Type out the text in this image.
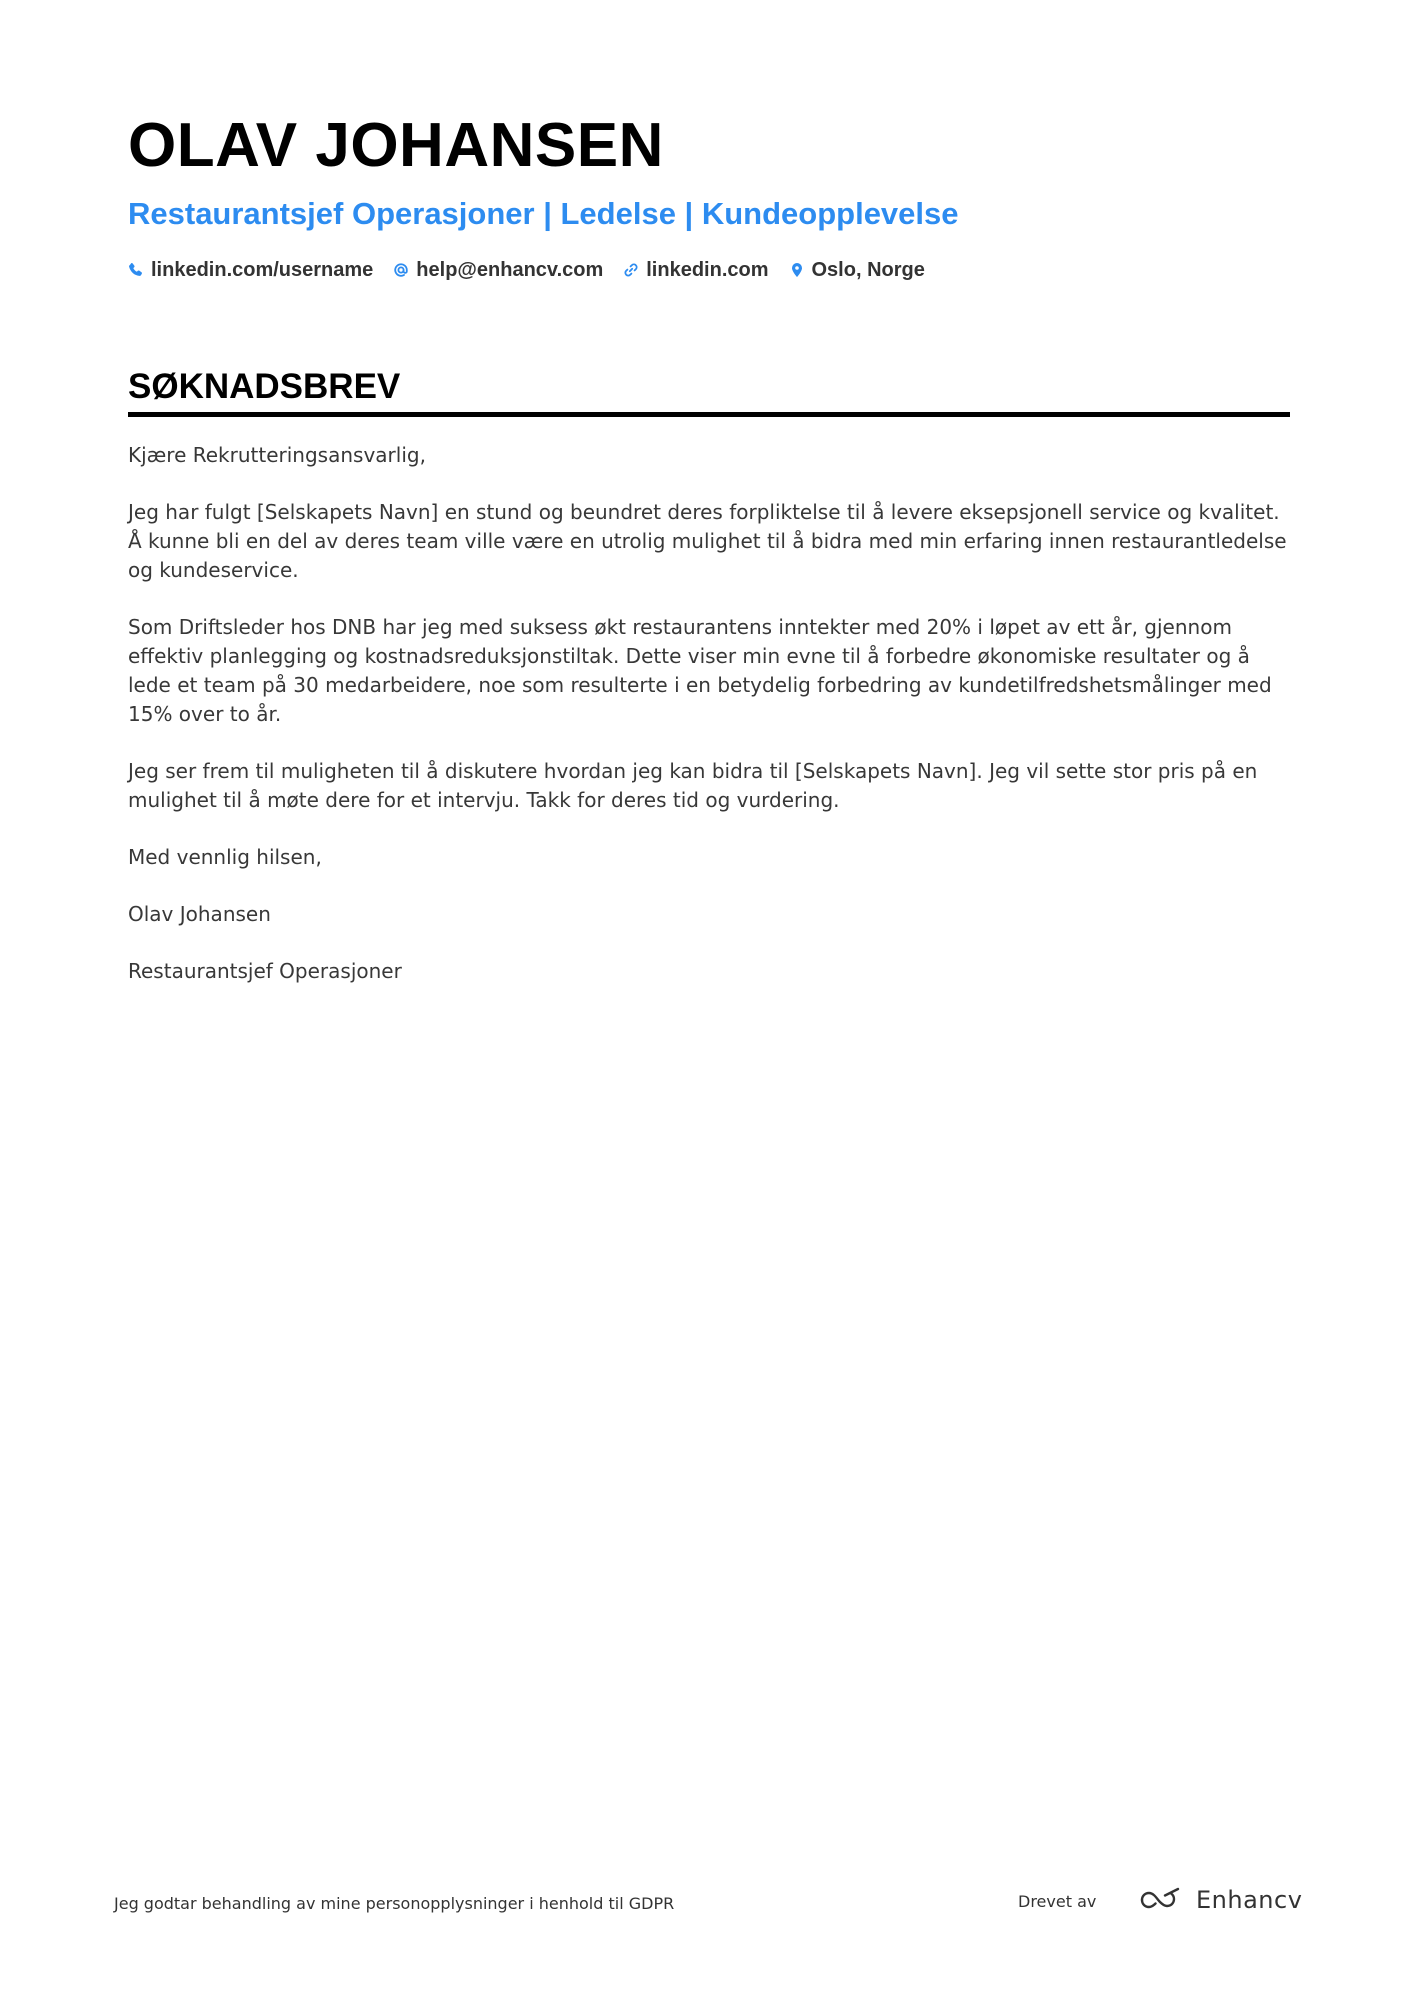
OLAV JOHANSEN
Restaurantsjef Operasjoner | Ledelse | Kundeopplevelse
linkedin.com/username help@enhancv.com linkedin.com Oslo, Norge
SØKNADSBREV

Kjære Rekrutteringsansvarlig,

Jeg har fulgt [Selskapets Navn] en stund og beundret deres forpliktelse til å levere eksepsjonell service og kvalitet. Å kunne bli en del av deres team ville være en utrolig mulighet til å bidra med min erfaring innen restaurantledelse og kundeservice.

Som Driftsleder hos DNB har jeg med suksess økt restaurantens inntekter med 20% i løpet av ett år, gjennom effektiv planlegging og kostnadsreduksjonstiltak. Dette viser min evne til å forbedre økonomiske resultater og å lede et team på 30 medarbeidere, noe som resulterte i en betydelig forbedring av kundetilfredshetsmålinger med 15% over to år.

Jeg ser frem til muligheten til å diskutere hvordan jeg kan bidra til [Selskapets Navn]. Jeg vil sette stor pris på en mulighet til å møte dere for et intervju. Takk for deres tid og vurdering.

Med vennlig hilsen,

Olav Johansen

Restaurantsjef Operasjoner

Jeg godtar behandling av mine personopplysninger i henhold til GDPR	Drevet av	Enhancv
